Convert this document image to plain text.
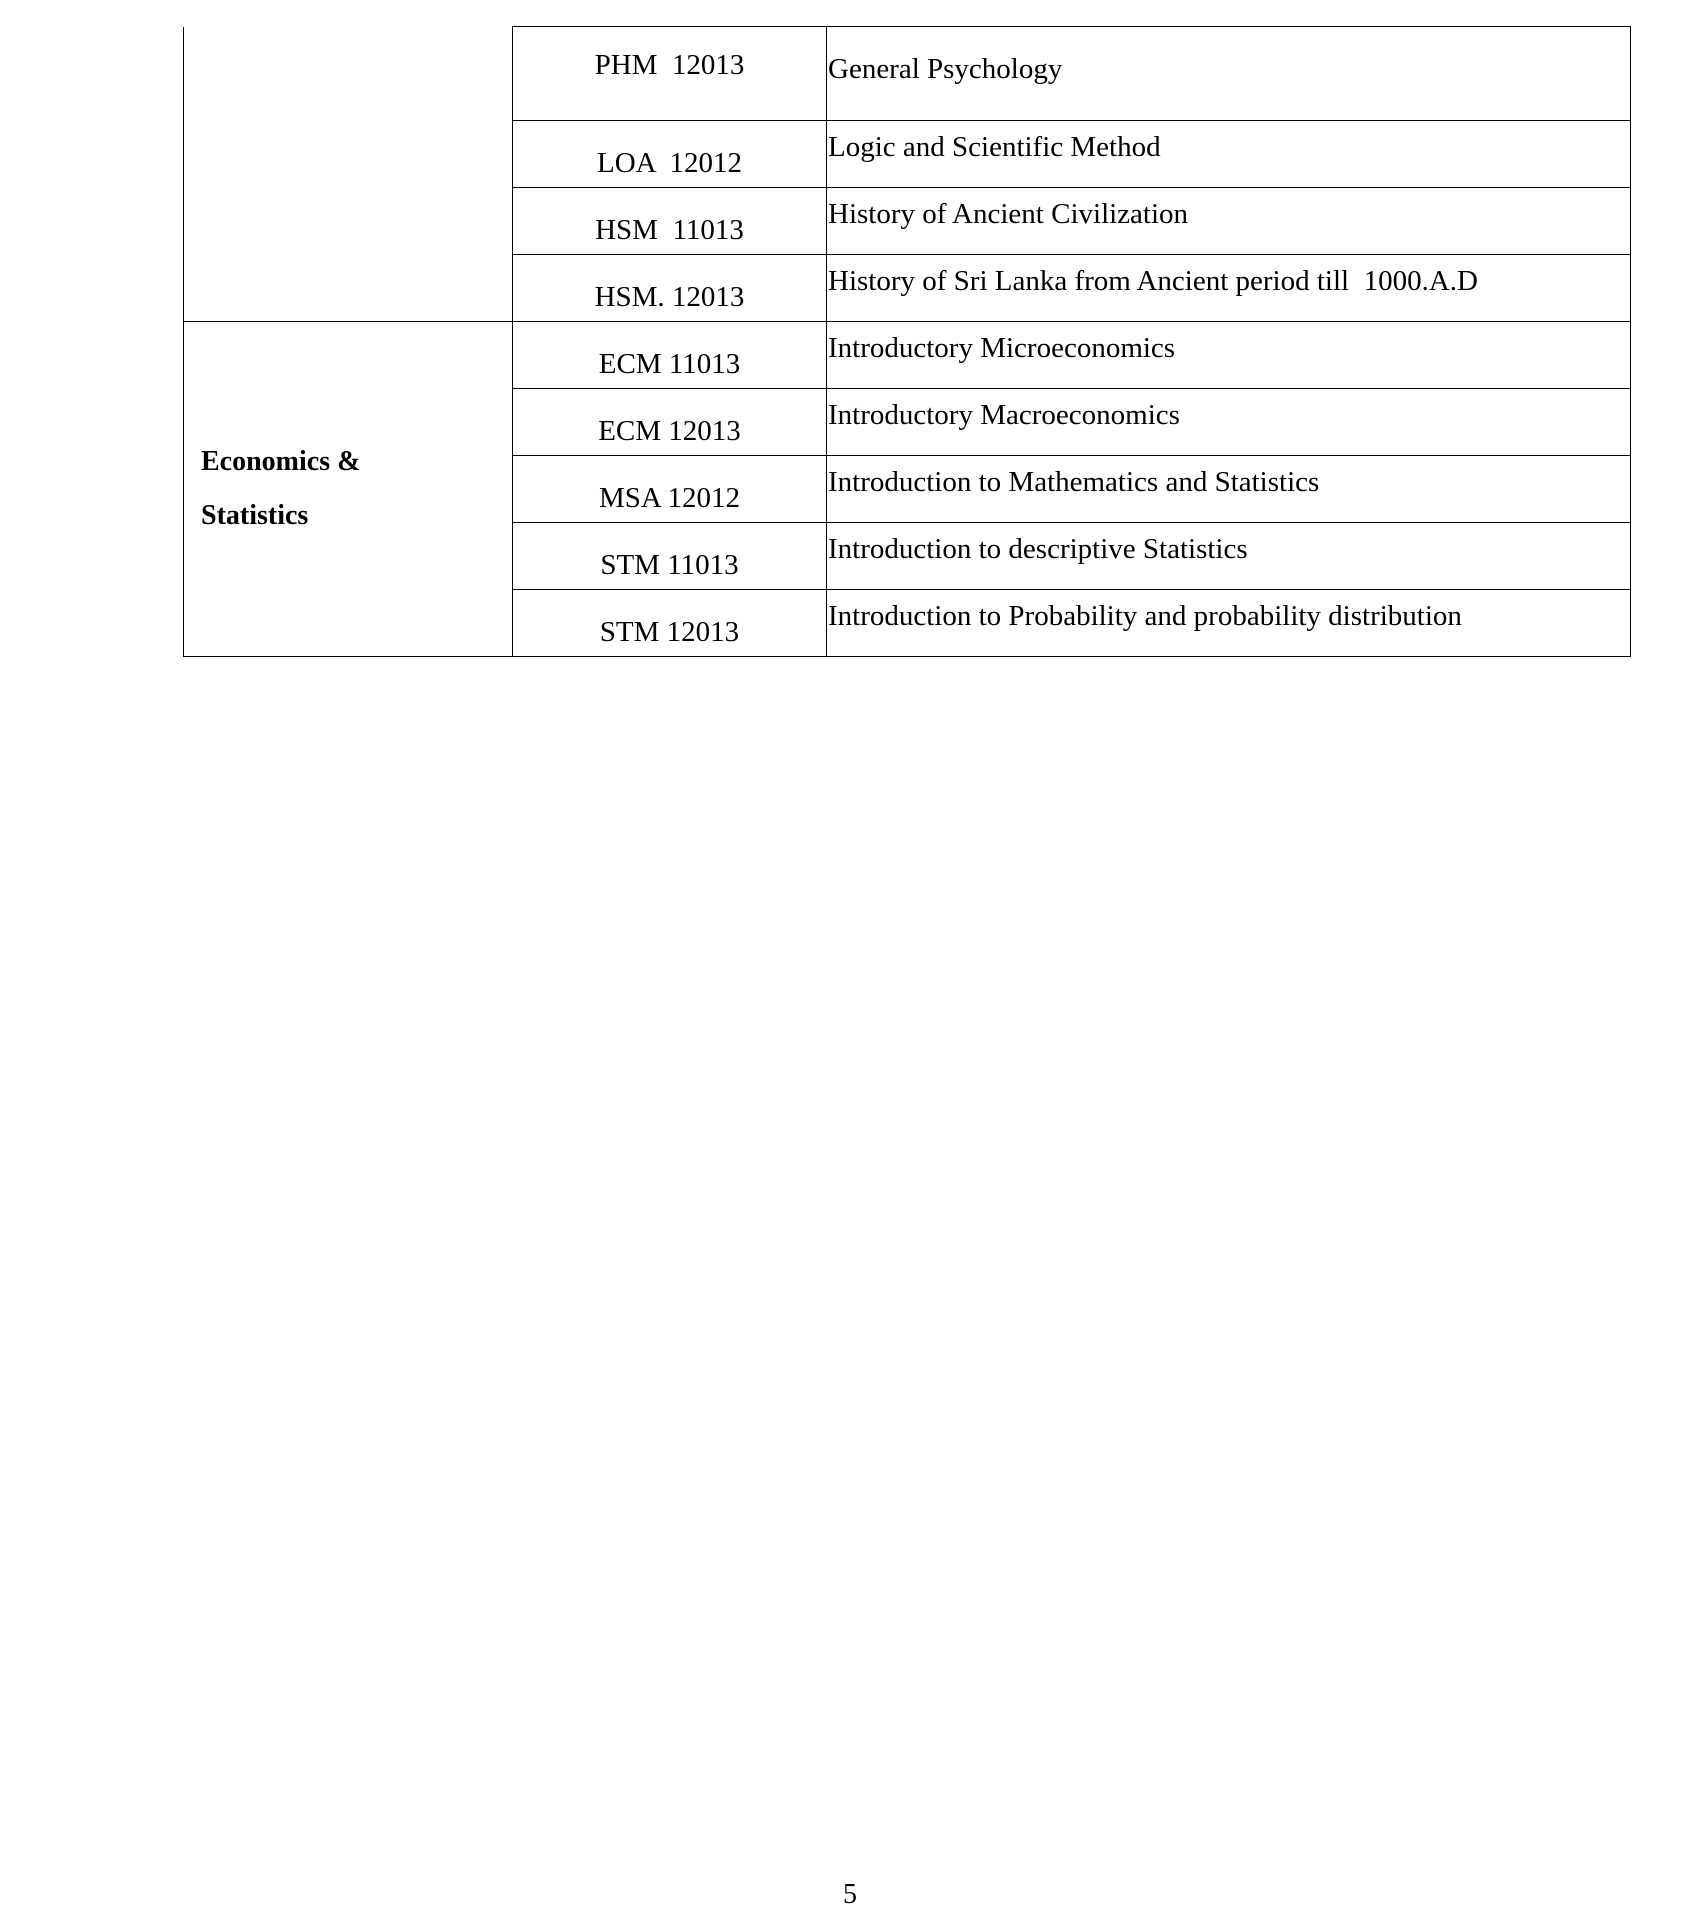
	PHM  12013	General Psychology
	LOA  12012	Logic and Scientific Method
	HSM  11013	History of Ancient Civilization
	HSM. 12013	History of Sri Lanka from Ancient period till  1000.A.D

Economics &
Statistics	ECM 11013	Introductory Microeconomics
	ECM 12013	Introductory Macroeconomics
	MSA 12012	Introduction to Mathematics and Statistics
	STM 11013	Introduction to descriptive Statistics
	STM 12013	Introduction to Probability and probability distribution
5
